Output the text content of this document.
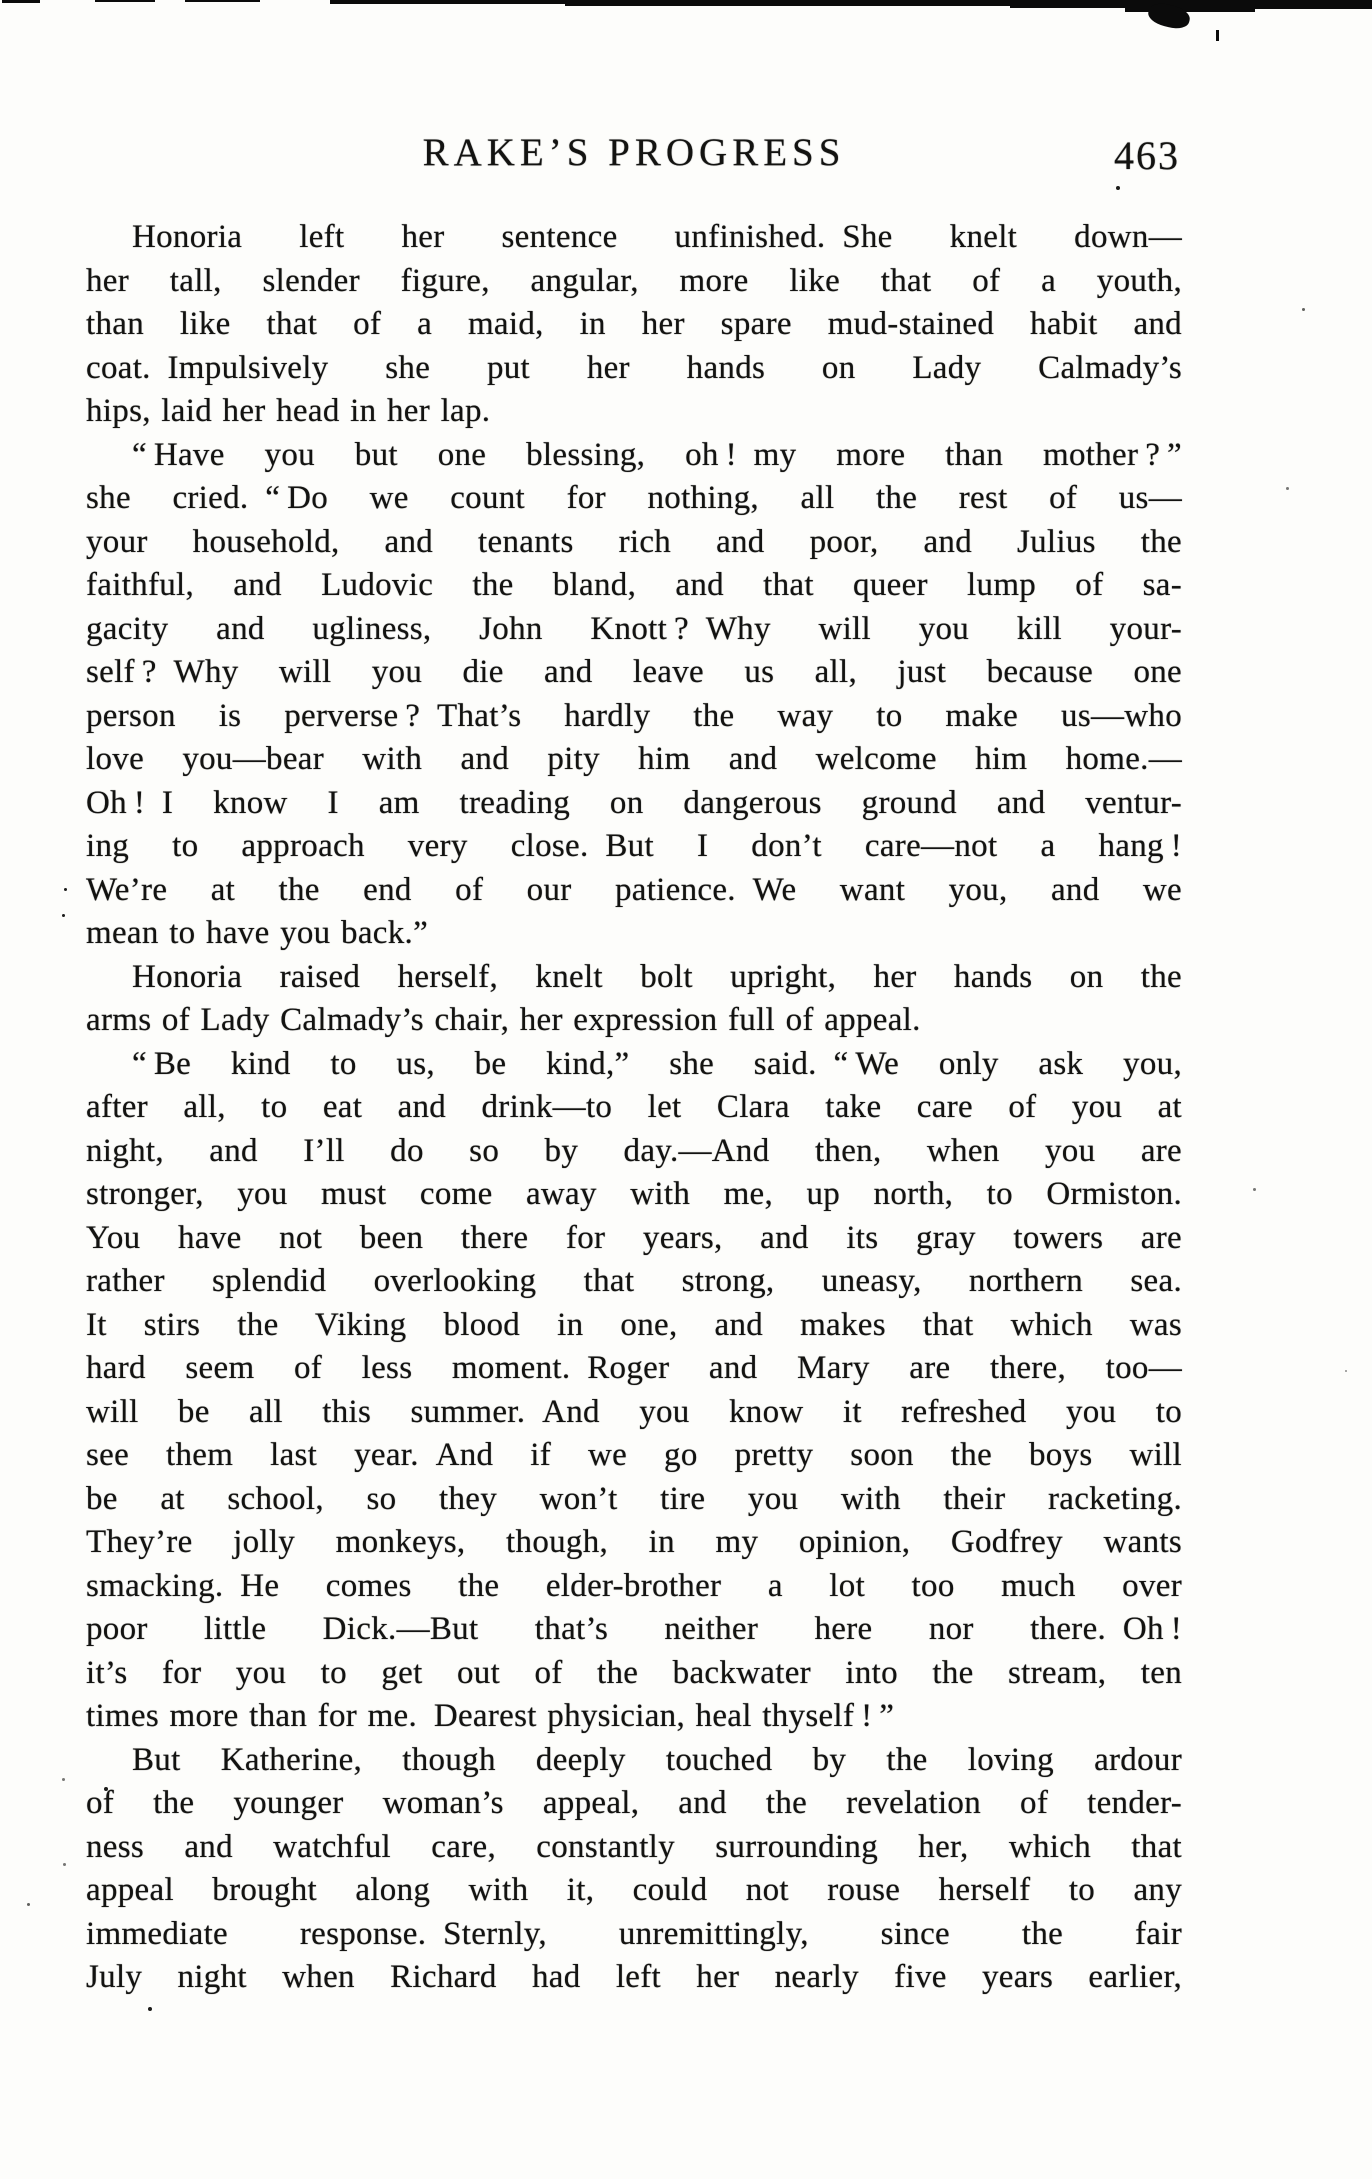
RAKE’S PROGRESS	463

Honoria left her sentence unfinished. She knelt down—
her tall, slender figure, angular, more like that of a youth,
than like that of a maid, in her spare mud-stained habit and
coat. Impulsively she put her hands on Lady Calmady’s
hips, laid her head in her lap.

“ Have you but one blessing, oh ! my more than mother ? ”
she cried. “ Do we count for nothing, all the rest of us—
your household, and tenants rich and poor, and Julius the
faithful, and Ludovic the bland, and that queer lump of sa-
gacity and ugliness, John Knott ? Why will you kill your-
self ? Why will you die and leave us all, just because one
person is perverse ? That’s hardly the way to make us—who
love you—bear with and pity him and welcome him home.—
Oh ! I know I am treading on dangerous ground and ventur-
ing to approach very close. But I don’t care—not a hang !
We’re at the end of our patience. We want you, and we
mean to have you back.”

Honoria raised herself, knelt bolt upright, her hands on the
arms of Lady Calmady’s chair, her expression full of appeal.

“ Be kind to us, be kind,” she said. “ We only ask you,
after all, to eat and drink—to let Clara take care of you at
night, and I’ll do so by day.—And then, when you are
stronger, you must come away with me, up north, to Ormiston.
You have not been there for years, and its gray towers are
rather splendid overlooking that strong, uneasy, northern sea.
It stirs the Viking blood in one, and makes that which was
hard seem of less moment. Roger and Mary are there, too—
will be all this summer. And you know it refreshed you to
see them last year. And if we go pretty soon the boys will
be at school, so they won’t tire you with their racketing.
They’re jolly monkeys, though, in my opinion, Godfrey wants
smacking. He comes the elder-brother a lot too much over
poor little Dick.—But that’s neither here nor there. Oh !
it’s for you to get out of the backwater into the stream, ten
times more than for me. Dearest physician, heal thyself ! ”

But Katherine, though deeply touched by the loving ardour
of the younger woman’s appeal, and the revelation of tender-
ness and watchful care, constantly surrounding her, which that
appeal brought along with it, could not rouse herself to any
immediate response. Sternly, unremittingly, since the fair
July night when Richard had left her nearly five years earlier,
